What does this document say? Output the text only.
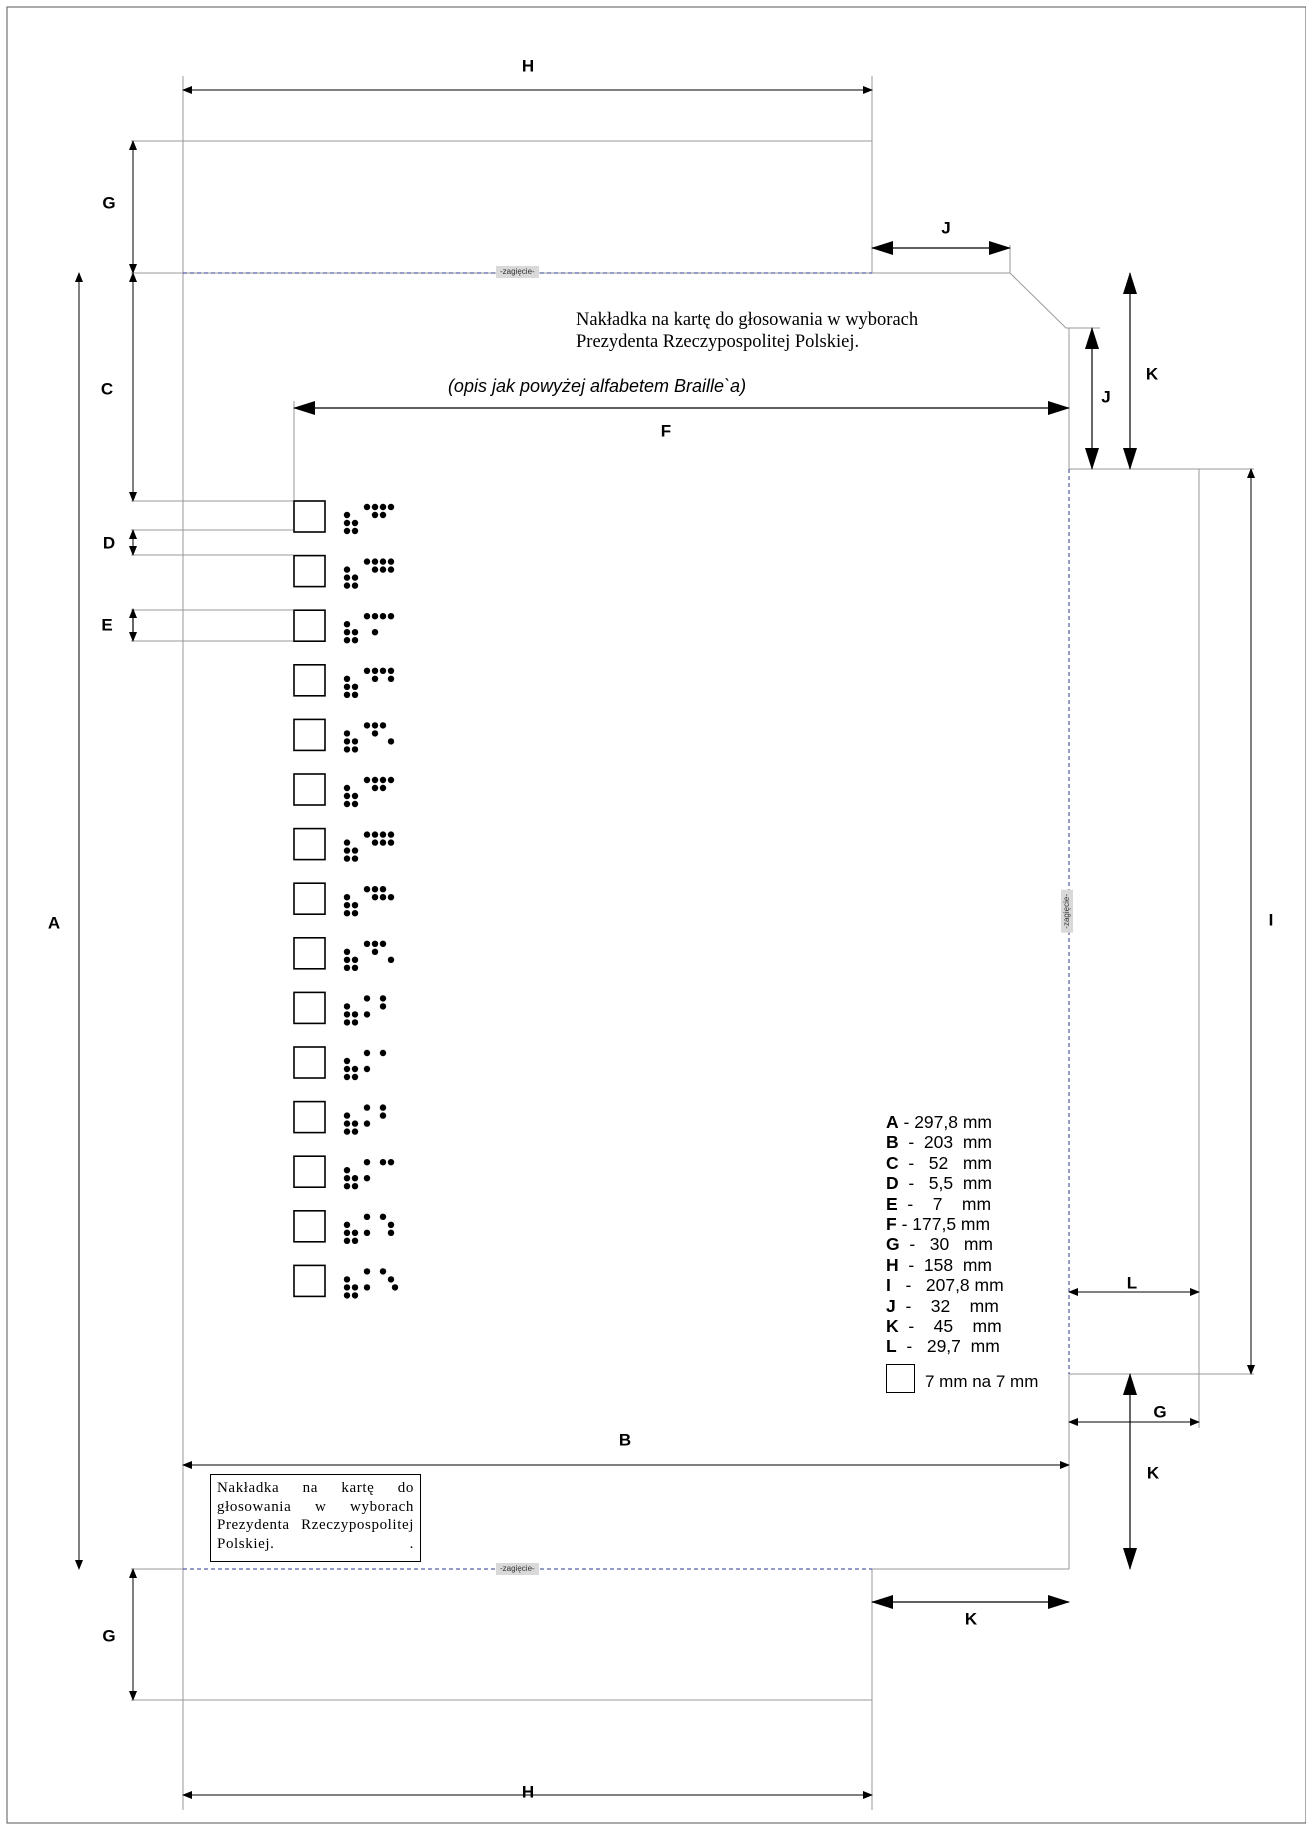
-zagięcie-
-zagięcie-
-zagięcie-
H
G
J
K
C	J
F
D
E
A	I
L
G
B
K
K
G
H
Nakładka na kartę do głosowania w wyborach
Prezydenta Rzeczypospolitej Polskiej.
(opis jak powyżej alfabetem Braille`a)
A - 297,8 mm
B  -  203  mm
C  -   52   mm
D  -   5,5  mm
E  -    7    mm
F - 177,5 mm
G  -   30   mm
H  -  158  mm
I   -   207,8 mm
J  -    32    mm
K  -    45    mm
L  -   29,7  mm
7 mm na 7 mm
Nakładka na kartę do głosowania w wyborach Prezydenta Rzeczypospolitej Polskiej.	.
